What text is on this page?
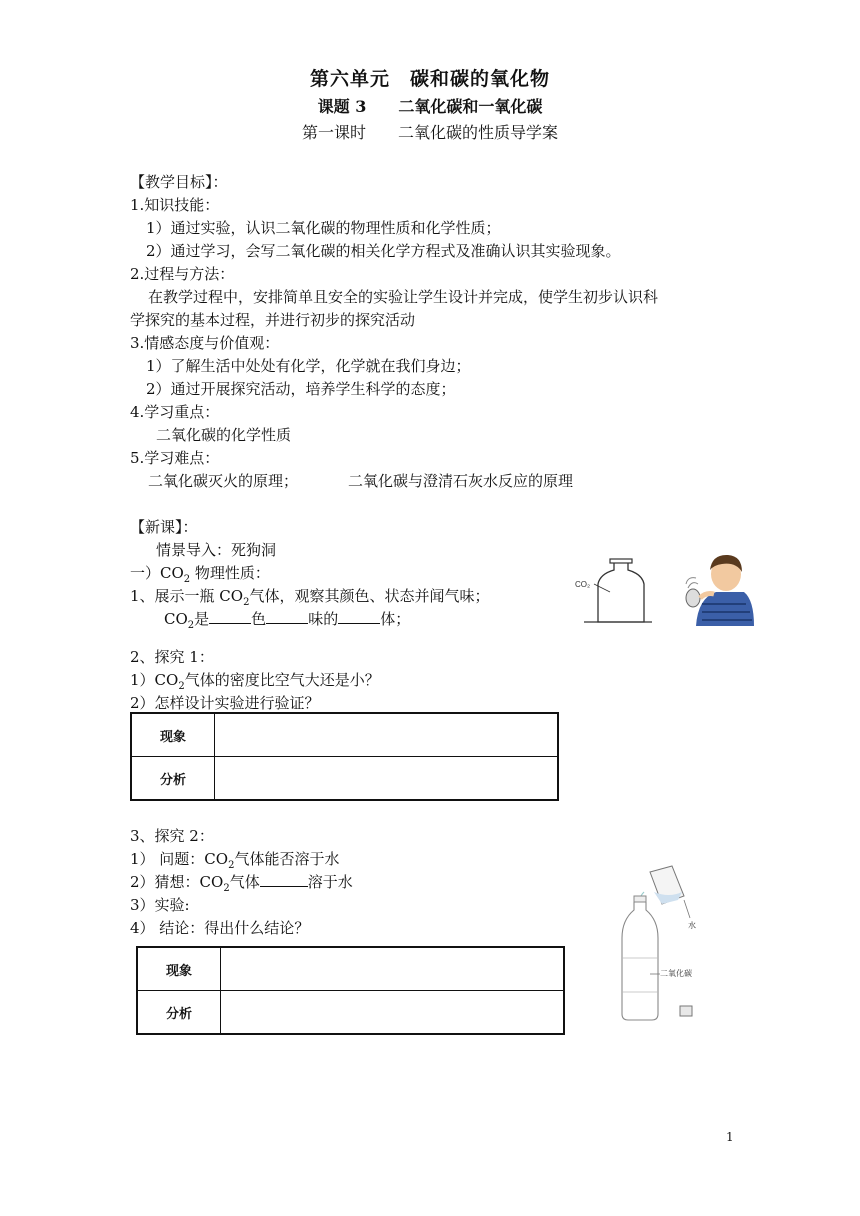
第六单元　碳和碳的氧化物
课题 3　　二氧化碳和一氧化碳
第一课时　　二氧化碳的性质导学案
【教学目标】：
1.知识技能：
1）通过实验，认识二氧化碳的物理性质和化学性质；
2）通过学习，会写二氧化碳的相关化学方程式及准确认识其实验现象。
2.过程与方法：
在教学过程中，安排简单且安全的实验让学生设计并完成，使学生初步认识科
学探究的基本过程，并进行初步的探究活动
3.情感态度与价值观：
1）了解生活中处处有化学，化学就在我们身边；
2）通过开展探究活动，培养学生科学的态度；
4.学习重点：
二氧化碳的化学性质
5.学习难点：
二氧化碳灭火的原理；	二氧化碳与澄清石灰水反应的原理
【新课】：
情景导入：死狗洞
一）$CO_2$ 物理性质：
1、展示一瓶 $CO_2$气体，观察其颜色、状态并闻气味；
$CO_2$是	色	味的	体；
CO₂
2、探究 1：
$1)CO_2$气体的密度比空气大还是小？
2）怎样设计实验进行验证？
现象	
分析	
3、探究 2：
1） 问题：$CO_2$气体能否溶于水
2）猜想：$CO_2$气体	溶于水
3）实验:
4） 结论：得出什么结论？
现象	
分析	
水
二氧化碳
1
